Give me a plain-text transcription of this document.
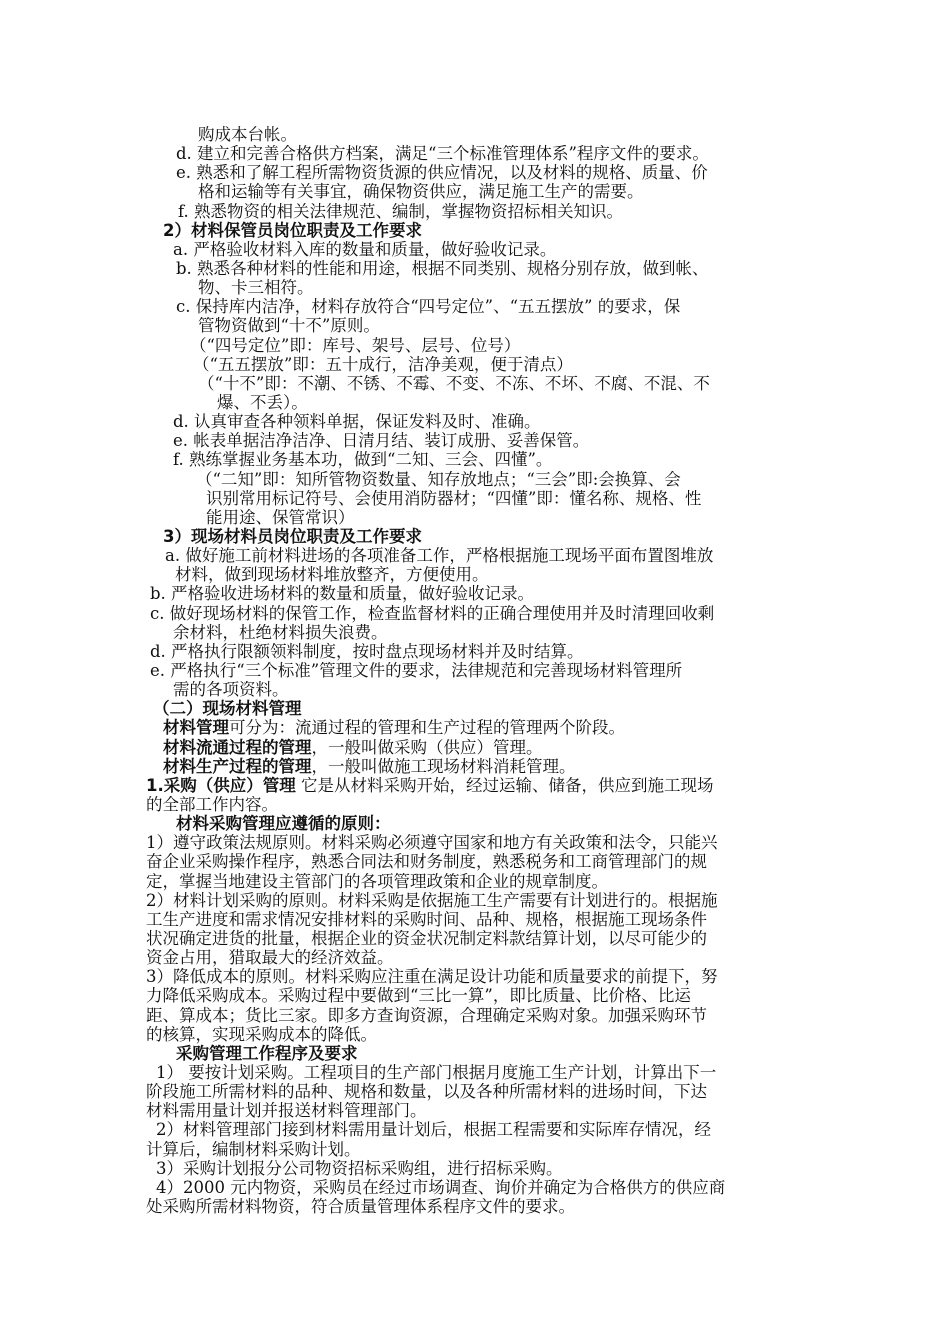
购成本台帐。
d. 建立和完善合格供方档案，满足“三个标准管理体系”程序文件的要求。
e. 熟悉和了解工程所需物资货源的供应情况，以及材料的规格、质量、价
格和运输等有关事宜，确保物资供应，满足施工生产的需要。
f. 熟悉物资的相关法律规范、编制，掌握物资招标相关知识。
2）材料保管员岗位职责及工作要求
a. 严格验收材料入库的数量和质量，做好验收记录。
b. 熟悉各种材料的性能和用途，根据不同类别、规格分别存放，做到帐、
物、卡三相符。
c. 保持库内洁净，材料存放符合“四号定位”、“五五摆放” 的要求，保
管物资做到“十不”原则。
（“四号定位”即：库号、架号、层号、位号）
（“五五摆放”即：五十成行，洁净美观，便于清点）
（“十不”即：不潮、不锈、不霉、不变、不冻、不坏、不腐、不混、不
爆、不丢）。
d. 认真审查各种领料单据，保证发料及时、准确。
e. 帐表单据洁净洁净、日清月结、装订成册、妥善保管。
f. 熟练掌握业务基本功，做到“二知、三会、四懂”。
（“二知”即：知所管物资数量、知存放地点；“三会”即:会换算、会
识别常用标记符号、会使用消防器材；“四懂”即：懂名称、规格、性
能用途、保管常识）
3）现场材料员岗位职责及工作要求
a. 做好施工前材料进场的各项准备工作，严格根据施工现场平面布置图堆放
材料，做到现场材料堆放整齐，方便使用。
b. 严格验收进场材料的数量和质量，做好验收记录。
c. 做好现场材料的保管工作，检查监督材料的正确合理使用并及时清理回收剩
余材料，杜绝材料损失浪费。
d. 严格执行限额领料制度，按时盘点现场材料并及时结算。
e. 严格执行“三个标准”管理文件的要求，法律规范和完善现场材料管理所
需的各项资料。
（二）现场材料管理
材料管理可分为：流通过程的管理和生产过程的管理两个阶段。
材料流通过程的管理，一般叫做采购（供应）管理。
材料生产过程的管理，一般叫做施工现场材料消耗管理。
1.采购（供应）管理 它是从材料采购开始，经过运输、储备，供应到施工现场
的全部工作内容。
材料采购管理应遵循的原则：
1）遵守政策法规原则。材料采购必须遵守国家和地方有关政策和法令，只能兴
奋企业采购操作程序，熟悉合同法和财务制度，熟悉税务和工商管理部门的规
定，掌握当地建设主管部门的各项管理政策和企业的规章制度。
2）材料计划采购的原则。材料采购是依据施工生产需要有计划进行的。根据施
工生产进度和需求情况安排材料的采购时间、品种、规格，根据施工现场条件
状况确定进货的批量，根据企业的资金状况制定料款结算计划，以尽可能少的
资金占用，猎取最大的经济效益。
3）降低成本的原则。材料采购应注重在满足设计功能和质量要求的前提下，努
力降低采购成本。采购过程中要做到“三比一算”，即比质量、比价格、比运
距、算成本；货比三家。即多方查询资源，合理确定采购对象。加强采购环节
的核算，实现采购成本的降低。
采购管理工作程序及要求
1） 要按计划采购。工程项目的生产部门根据月度施工生产计划，计算出下一
阶段施工所需材料的品种、规格和数量，以及各种所需材料的进场时间，下达
材料需用量计划并报送材料管理部门。
2）材料管理部门接到材料需用量计划后，根据工程需要和实际库存情况，经
计算后，编制材料采购计划。
3）采购计划报分公司物资招标采购组，进行招标采购。
4）2000 元内物资，采购员在经过市场调查、询价并确定为合格供方的供应商
处采购所需材料物资，符合质量管理体系程序文件的要求。
